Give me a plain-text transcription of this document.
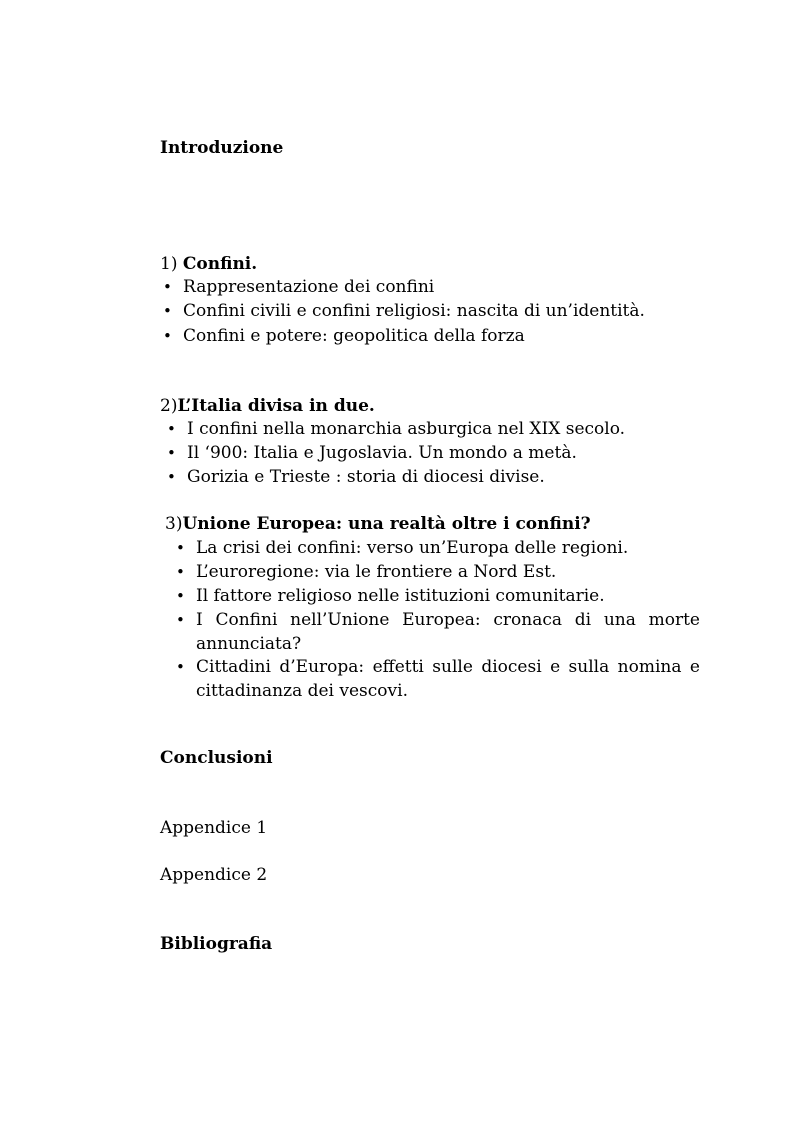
Introduzione
1) Confini.
• Rappresentazione dei confini
• Confini civili e confini religiosi: nascita di un’identità.
• Confini e potere: geopolitica della forza
2)L’Italia divisa in due.
• I confini nella monarchia asburgica nel XIX secolo.
• Il ‘900: Italia e Jugoslavia. Un mondo a metà.
• Gorizia e Trieste : storia di diocesi divise.
3)Unione Europea: una realtà oltre i confini?
• La crisi dei confini: verso un’Europa delle regioni.
• L’euroregione: via le frontiere a Nord Est.
• Il fattore religioso nelle istituzioni comunitarie.
• I Confini nell’Unione Europea: cronaca di una morte annunciata?
• Cittadini d’Europa: effetti sulle diocesi e sulla nomina e cittadinanza dei vescovi.
Conclusioni
Appendice 1
Appendice 2
Bibliografia
